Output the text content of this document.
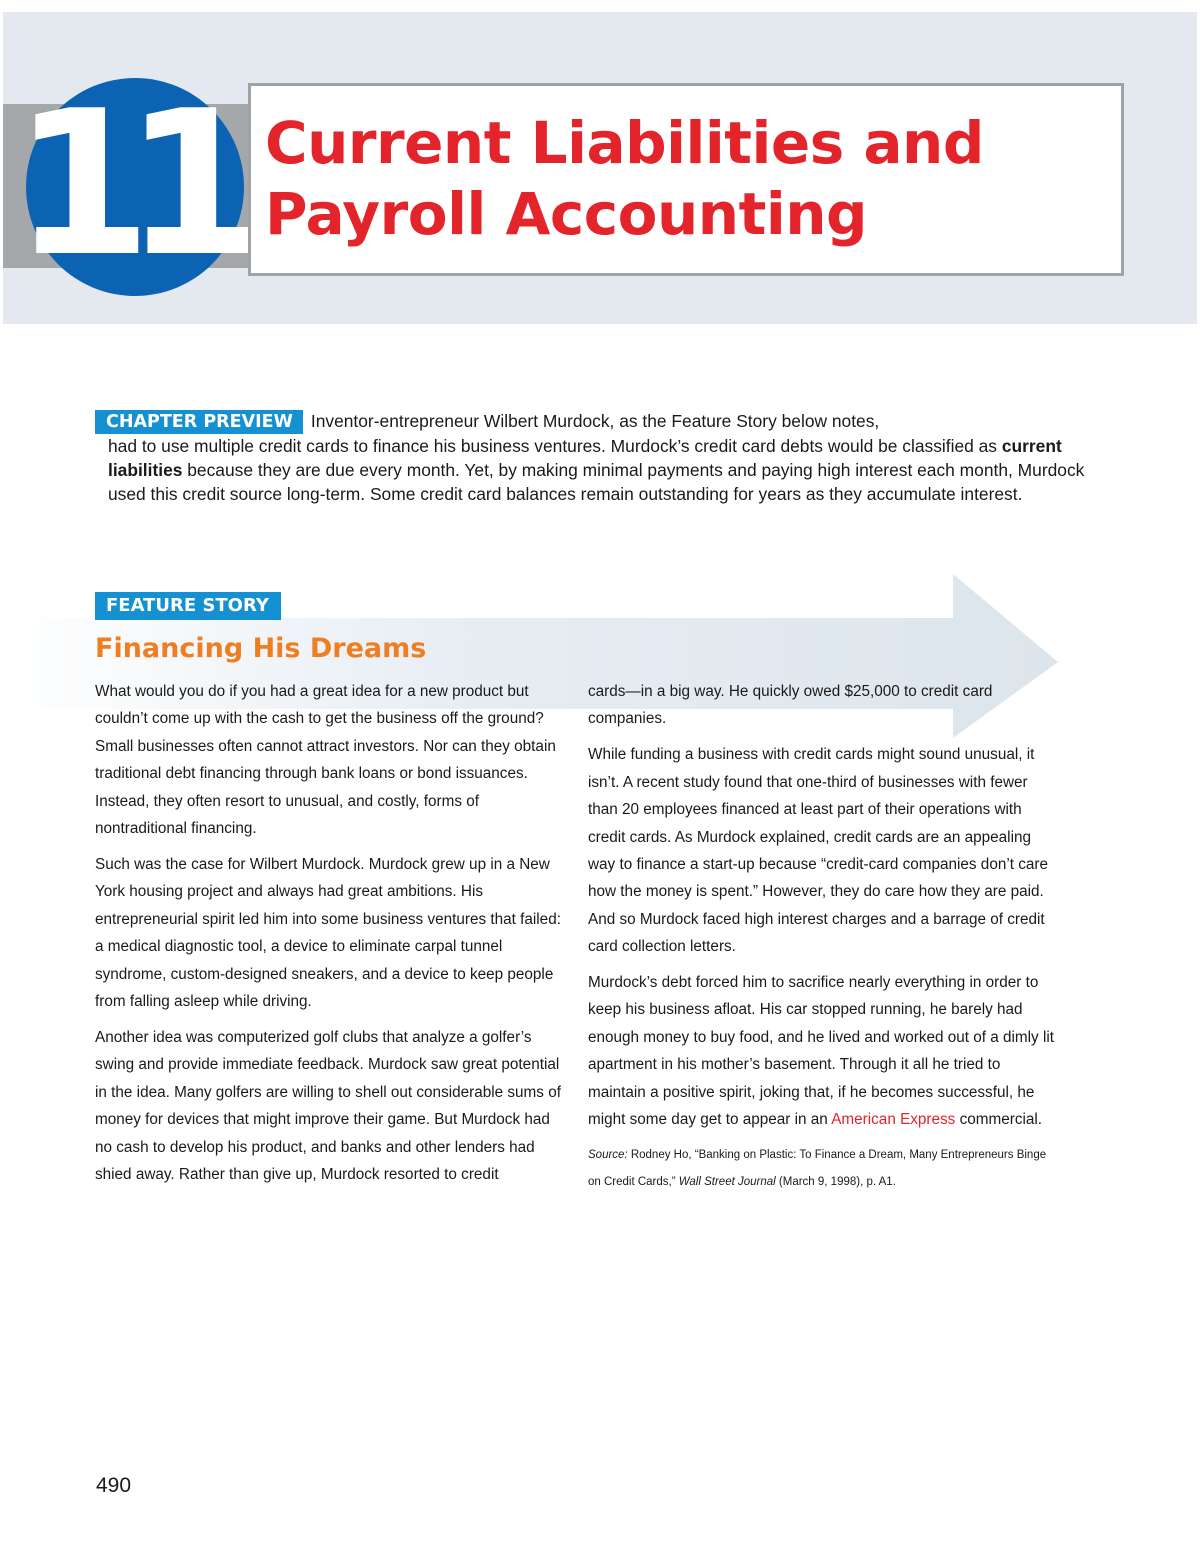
11 Current Liabilities and
Payroll Accounting
CHAPTER PREVIEW Inventor-entrepreneur Wilbert Murdock, as the Feature Story below notes,
had to use multiple credit cards to finance his business ventures. Murdock’s credit card debts would be classified as current liabilities because they are due every month. Yet, by making minimal payments and paying high interest each month, Murdock used this credit source long-term. Some credit card balances remain outstanding for years as they accumulate interest.
FEATURE STORY
Financing His Dreams

What would you do if you had a great idea for a new product but couldn’t come up with the cash to get the business off the ground? Small businesses often cannot attract investors. Nor can they obtain traditional debt financing through bank loans or bond issuances. Instead, they often resort to unusual, and costly, forms of nontraditional financing.

Such was the case for Wilbert Murdock. Murdock grew up in a New York housing project and always had great ambitions. His entrepreneurial spirit led him into some business ventures that failed: a medical diagnostic tool, a device to eliminate carpal tunnel syndrome, custom-designed sneakers, and a device to keep people from falling asleep while driving.

Another idea was computerized golf clubs that analyze a golfer’s swing and provide immediate feedback. Murdock saw great potential in the idea. Many golfers are willing to shell out considerable sums of money for devices that might improve their game. But Murdock had no cash to develop his product, and banks and other lenders had shied away. Rather than give up, Murdock resorted to credit

cards—in a big way. He quickly owed $25,000 to credit card companies.

While funding a business with credit cards might sound unusual, it isn’t. A recent study found that one-third of businesses with fewer than 20 employees financed at least part of their operations with credit cards. As Murdock explained, credit cards are an appealing way to finance a start-up because “credit-card companies don’t care how the money is spent.” However, they do care how they are paid. And so Murdock faced high interest charges and a barrage of credit card collection letters.

Murdock’s debt forced him to sacrifice nearly everything in order to keep his business afloat. His car stopped running, he barely had enough money to buy food, and he lived and worked out of a dimly lit apartment in his mother’s basement. Through it all he tried to maintain a positive spirit, joking that, if he becomes successful, he might some day get to appear in an American Express commercial.

Source: Rodney Ho, “Banking on Plastic: To Finance a Dream, Many Entrepreneurs Binge on Credit Cards,” Wall Street Journal (March 9, 1998), p. A1.

490
